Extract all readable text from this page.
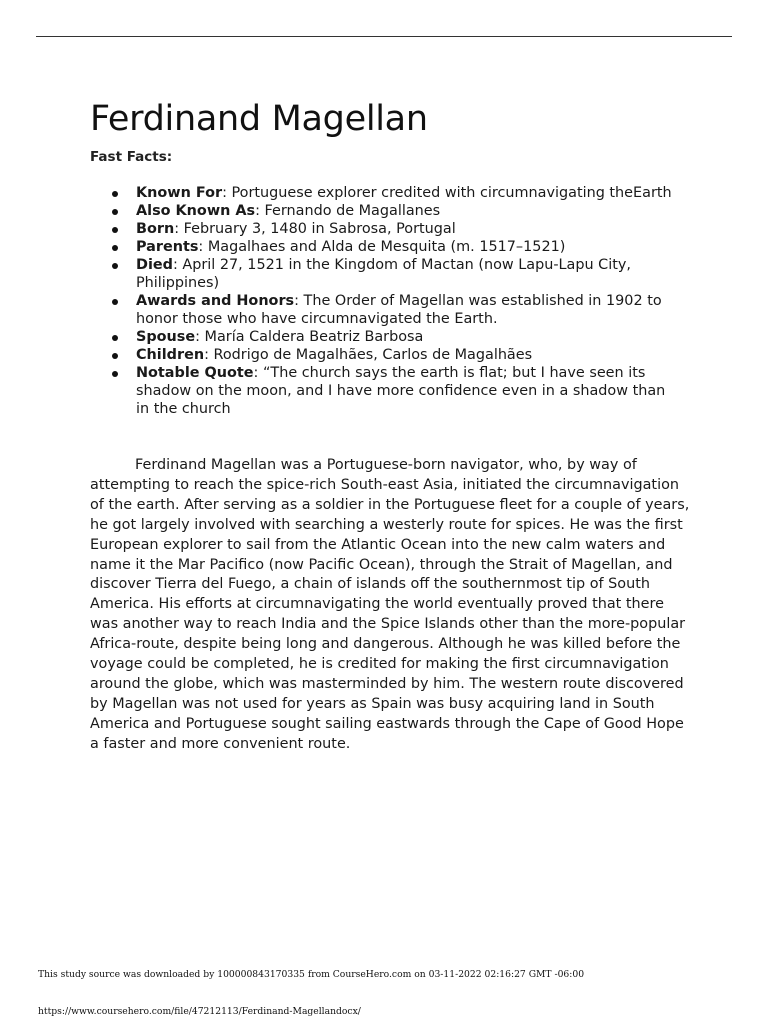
Ferdinand Magellan

Fast Facts:

Known For: Portuguese explorer credited with circumnavigating theEarth
Also Known As: Fernando de Magallanes
Born: February 3, 1480 in Sabrosa, Portugal
Parents: Magalhaes and Alda de Mesquita (m. 1517–1521)
Died: April 27, 1521 in the Kingdom of Mactan (now Lapu-Lapu City, Philippines)
Awards and Honors: The Order of Magellan was established in 1902 to honor those who have circumnavigated the Earth.
Spouse: María Caldera Beatriz Barbosa
Children: Rodrigo de Magalhães, Carlos de Magalhães
Notable Quote: “The church says the earth is flat; but I have seen its shadow on the moon, and I have more confidence even in a shadow than in the church

Ferdinand Magellan was a Portuguese-born navigator, who, by way of attempting to reach the spice-rich South-east Asia, initiated the circumnavigation of the earth. After serving as a soldier in the Portuguese fleet for a couple of years, he got largely involved with searching a westerly route for spices. He was the first European explorer to sail from the Atlantic Ocean into the new calm waters and name it the Mar Pacifico (now Pacific Ocean), through the Strait of Magellan, and discover Tierra del Fuego, a chain of islands off the southernmost tip of South America. His efforts at circumnavigating the world eventually proved that there was another way to reach India and the Spice Islands other than the more-popular Africa-route, despite being long and dangerous. Although he was killed before the voyage could be completed, he is credited for making the first circumnavigation around the globe, which was masterminded by him. The western route discovered by Magellan was not used for years as Spain was busy acquiring land in South America and Portuguese sought sailing eastwards through the Cape of Good Hope a faster and more convenient route.

This study source was downloaded by 100000843170335 from CourseHero.com on 03-11-2022 02:16:27 GMT -06:00

https://www.coursehero.com/file/47212113/Ferdinand-Magellandocx/
